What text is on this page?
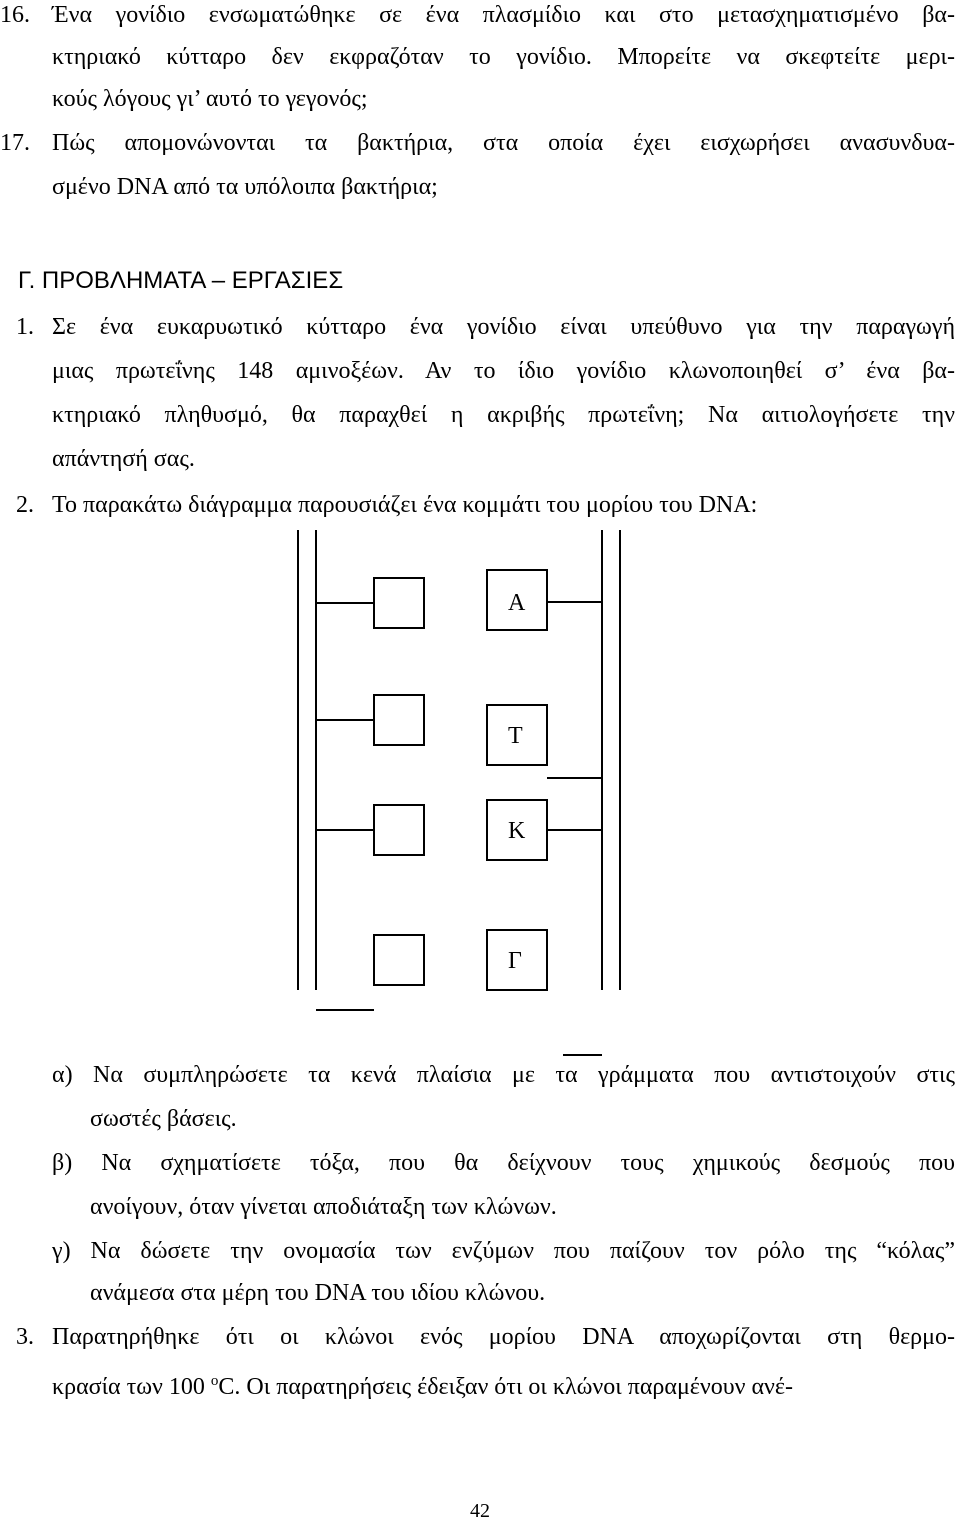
16. Ένα γονίδιο ενσωματώθηκε σε ένα πλασμίδιο και στο μετασχηματισμένο βα-
κτηριακό κύτταρο δεν εκφραζόταν το γονίδιο. Μπορείτε να σκεφτείτε μερι-
κούς λόγους γι’ αυτό το γεγονός;
17. Πώς απομονώνονται τα βακτήρια, στα οποία έχει εισχωρήσει ανασυνδυα-
σμένο DNA από τα υπόλοιπα βακτήρια;
Γ. ΠΡΟΒΛΗΜΑΤΑ – ΕΡΓΑΣΙΕΣ
1. Σε ένα ευκαρυωτικό κύτταρο ένα γονίδιο είναι υπεύθυνο για την παραγωγή
μιας πρωτεΐνης 148 αμινοξέων. Αν το ίδιο γονίδιο κλωνοποιηθεί σ’ ένα βα-
κτηριακό πληθυσμό, θα παραχθεί η ακριβής πρωτεΐνη; Να αιτιολογήσετε την
απάντησή σας.
2. Το παρακάτω διάγραμμα παρουσιάζει ένα κομμάτι του μορίου του DNA:
Α
Τ
Κ
Γ
α) Να συμπληρώσετε τα κενά πλαίσια με τα γράμματα που αντιστοιχούν στις
σωστές βάσεις.
β) Να σχηματίσετε τόξα, που θα δείχνουν τους χημικούς δεσμούς που
ανοίγουν, όταν γίνεται αποδιάταξη των κλώνων.
γ) Να δώσετε την ονομασία των ενζύμων που παίζουν τον ρόλο της “κόλας”
ανάμεσα στα μέρη του DNA του ιδίου κλώνου.
3. Παρατηρήθηκε ότι οι κλώνοι ενός μορίου DNA αποχωρίζονται στη θερμο-
κρασία των 100 $^o$C. Οι παρατηρήσεις έδειξαν ότι οι κλώνοι παραμένουν ανέ-
42
